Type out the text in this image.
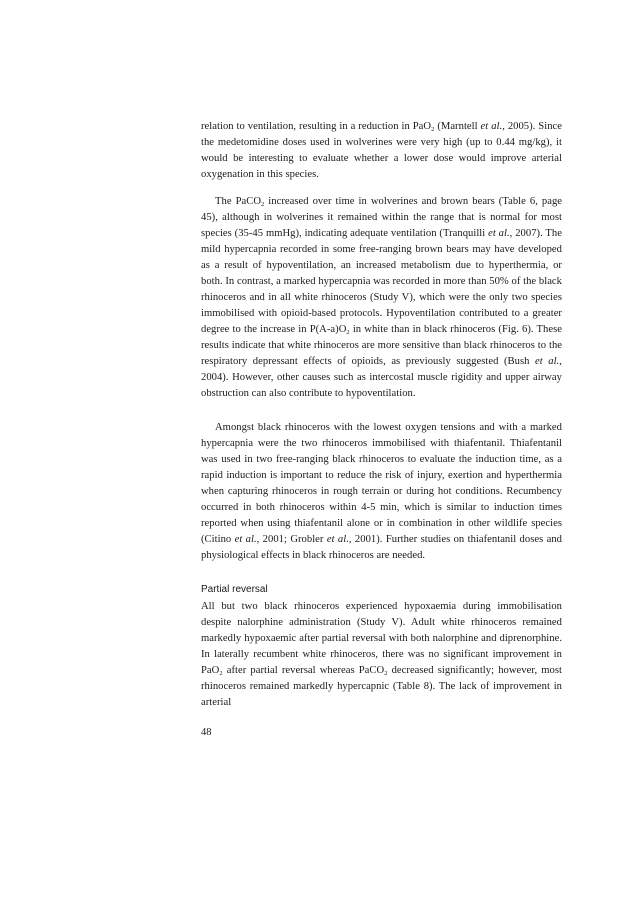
relation to ventilation, resulting in a reduction in PaO$_2$ (Marntell et al., 2005). Since the medetomidine doses used in wolverines were very high (up to 0.44 mg/kg), it would be interesting to evaluate whether a lower dose would improve arterial oxygenation in this species.

The PaCO$_2$ increased over time in wolverines and brown bears (Table 6, page 45), although in wolverines it remained within the range that is normal for most species (35-45 mmHg), indicating adequate ventilation (Tranquilli et al., 2007). The mild hypercapnia recorded in some free-ranging brown bears may have developed as a result of hypoventilation, an increased metabolism due to hyperthermia, or both. In contrast, a marked hypercapnia was recorded in more than 50% of the black rhinoceros and in all white rhinoceros (Study V), which were the only two species immobilised with opioid-based protocols. Hypoventilation contributed to a greater degree to the increase in $P(A-a)O_2$ in white than in black rhinoceros (Fig. 6). These results indicate that white rhinoceros are more sensitive than black rhinoceros to the respiratory depressant effects of opioids, as previously suggested (Bush et al., 2004). However, other causes such as intercostal muscle rigidity and upper airway obstruction can also contribute to hypoventilation.

Amongst black rhinoceros with the lowest oxygen tensions and with a marked hypercapnia were the two rhinoceros immobilised with thiafentanil. Thiafentanil was used in two free-ranging black rhinoceros to evaluate the induction time, as a rapid induction is important to reduce the risk of injury, exertion and hyperthermia when capturing rhinoceros in rough terrain or during hot conditions. Recumbency occurred in both rhinoceros within 4-5 min, which is similar to induction times reported when using thiafentanil alone or in combination in other wildlife species (Citino et al., 2001; Grobler et al., 2001). Further studies on thiafentanil doses and physiological effects in black rhinoceros are needed.

Partial reversal

All but two black rhinoceros experienced hypoxaemia during immobilisation despite nalorphine administration (Study V). Adult white rhinoceros remained markedly hypoxaemic after partial reversal with both nalorphine and diprenorphine. In laterally recumbent white rhinoceros, there was no significant improvement in PaO$_2$ after partial reversal whereas PaCO$_2$ decreased significantly; however, most rhinoceros remained markedly hypercapnic (Table 8). The lack of improvement in arterial

48
